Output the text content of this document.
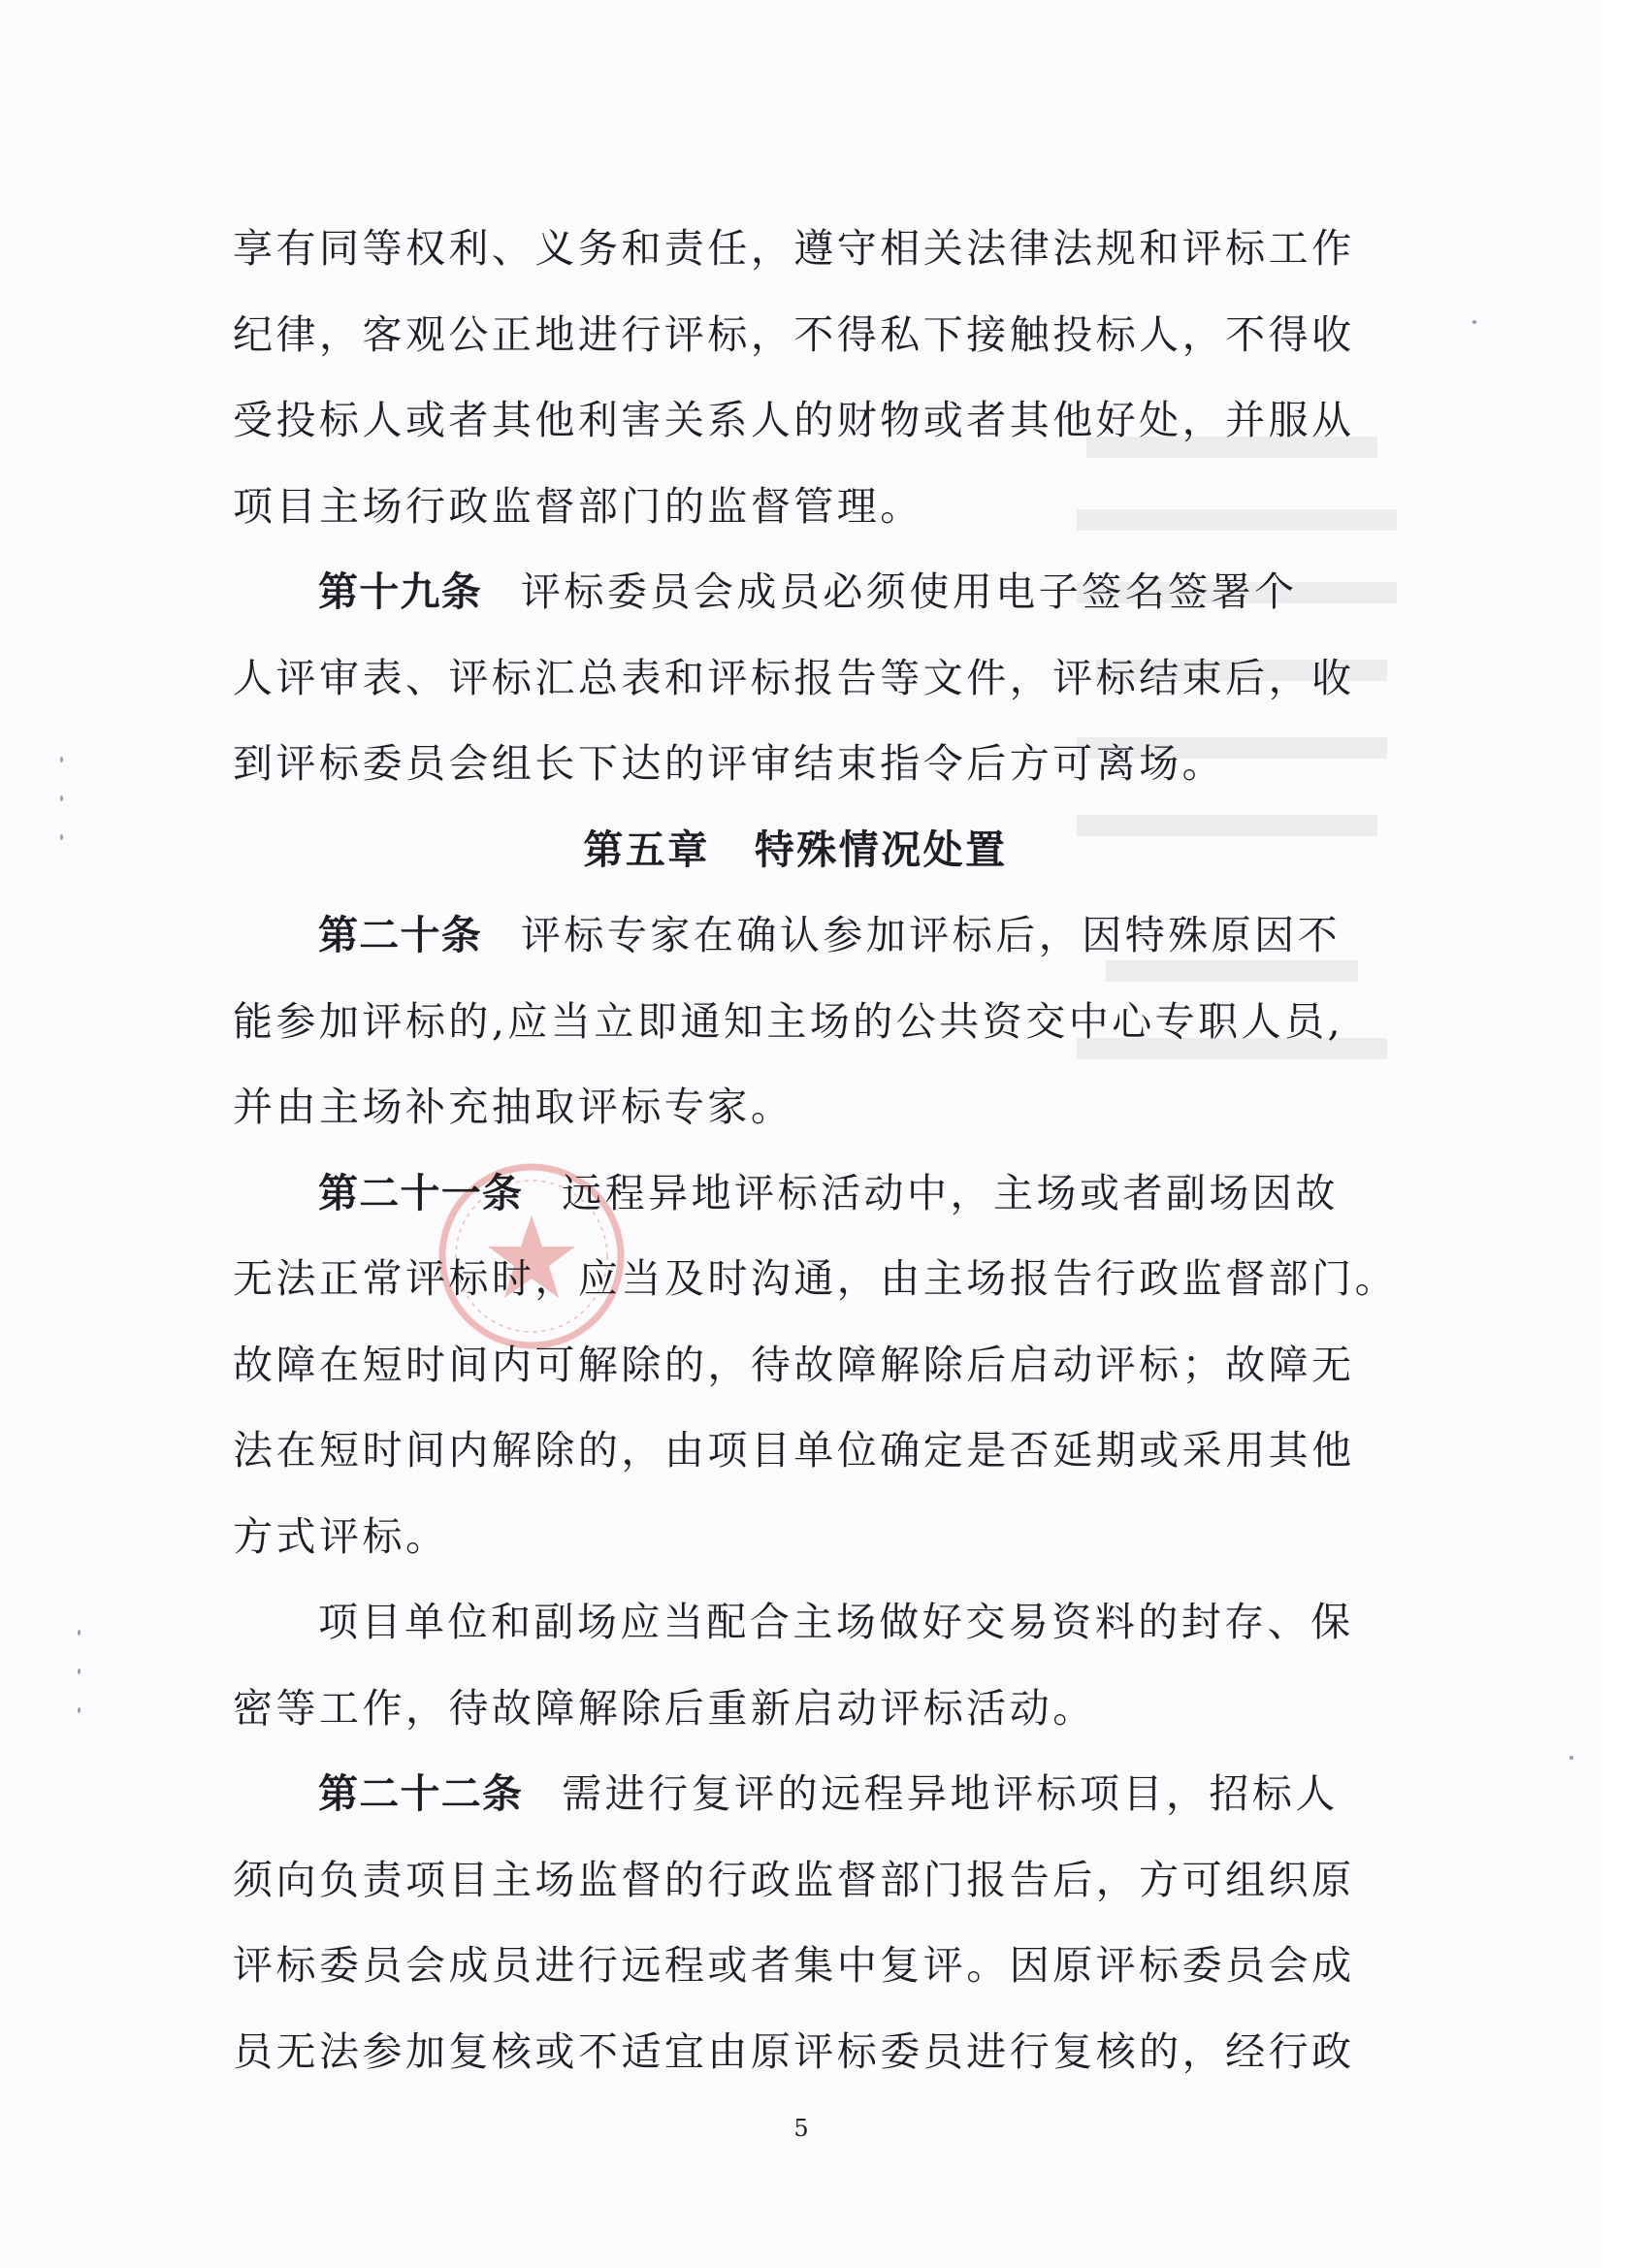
享有同等权利、义务和责任，遵守相关法律法规和评标工作
纪律，客观公正地进行评标，不得私下接触投标人，不得收
受投标人或者其他利害关系人的财物或者其他好处，并服从
项目主场行政监督部门的监督管理。
第十九条 评标委员会成员必须使用电子签名签署个
人评审表、评标汇总表和评标报告等文件，评标结束后，收
到评标委员会组长下达的评审结束指令后方可离场。
第五章 特殊情况处置
第二十条 评标专家在确认参加评标后，因特殊原因不
能参加评标的,应当立即通知主场的公共资交中心专职人员,
并由主场补充抽取评标专家。
第二十一条 远程异地评标活动中，主场或者副场因故
无法正常评标时，应当及时沟通，由主场报告行政监督部门。
故障在短时间内可解除的，待故障解除后启动评标；故障无
法在短时间内解除的，由项目单位确定是否延期或采用其他
方式评标。
项目单位和副场应当配合主场做好交易资料的封存、保
密等工作，待故障解除后重新启动评标活动。
第二十二条 需进行复评的远程异地评标项目，招标人
须向负责项目主场监督的行政监督部门报告后，方可组织原
评标委员会成员进行远程或者集中复评。因原评标委员会成
员无法参加复核或不适宜由原评标委员进行复核的，经行政
5
